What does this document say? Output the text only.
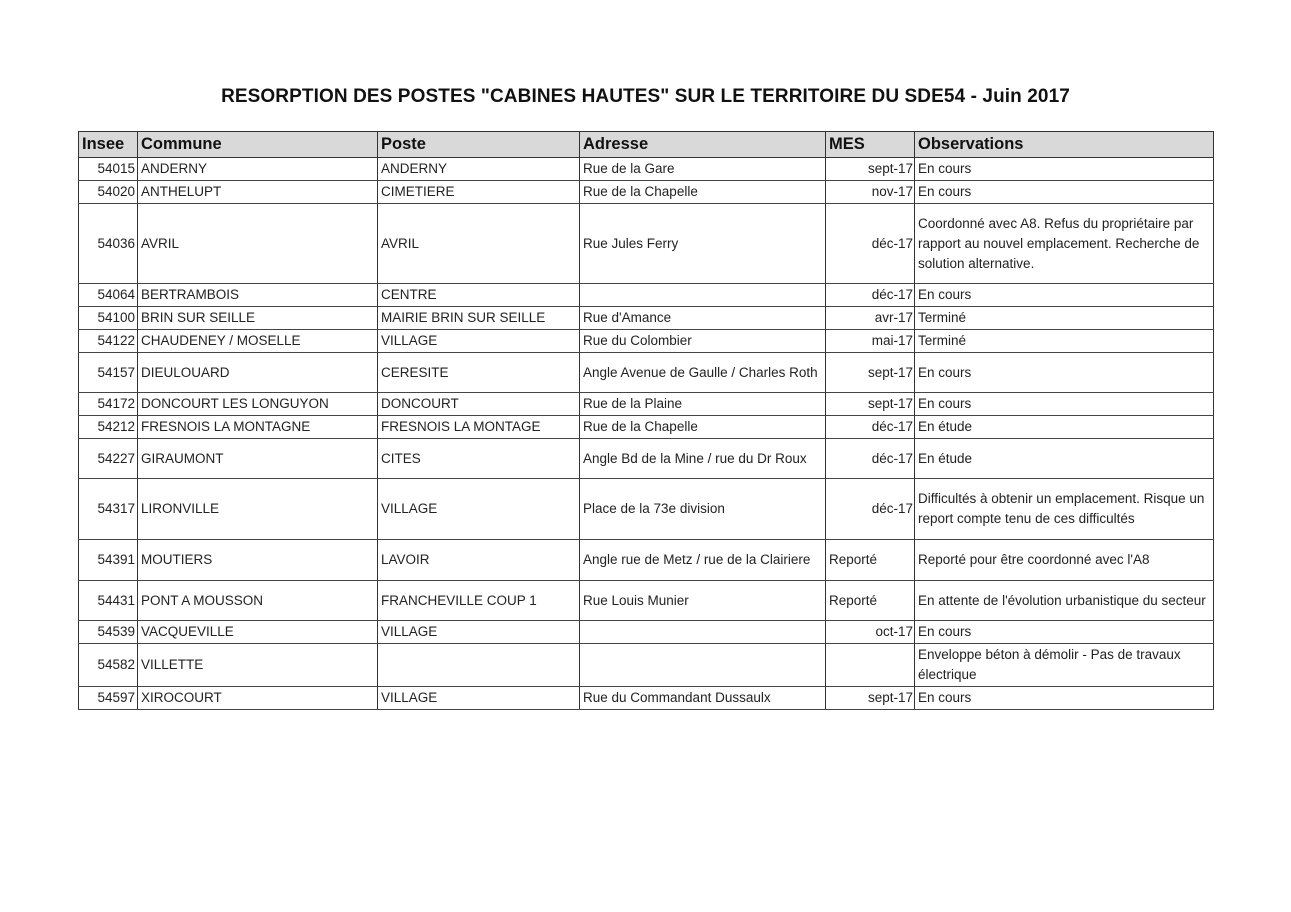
RESORPTION DES POSTES "CABINES HAUTES" SUR LE TERRITOIRE DU SDE54 - Juin 2017
Insee	Commune	Poste	Adresse	MES	Observations
54015	ANDERNY	ANDERNY	Rue de la Gare	sept-17	En cours
54020	ANTHELUPT	CIMETIERE	Rue de la Chapelle	nov-17	En cours
54036	AVRIL	AVRIL	Rue Jules Ferry	déc-17	Coordonné avec A8. Refus du propriétaire par rapport au nouvel emplacement. Recherche de solution alternative.
54064	BERTRAMBOIS	CENTRE		déc-17	En cours
54100	BRIN SUR SEILLE	MAIRIE BRIN SUR SEILLE	Rue d'Amance	avr-17	Terminé
54122	CHAUDENEY / MOSELLE	VILLAGE	Rue du Colombier	mai-17	Terminé
54157	DIEULOUARD	CERESITE	Angle Avenue de Gaulle / Charles Roth	sept-17	En cours
54172	DONCOURT LES LONGUYON	DONCOURT	Rue de la Plaine	sept-17	En cours
54212	FRESNOIS LA MONTAGNE	FRESNOIS LA MONTAGE	Rue de la Chapelle	déc-17	En étude
54227	GIRAUMONT	CITES	Angle Bd de la Mine / rue du Dr Roux	déc-17	En étude
54317	LIRONVILLE	VILLAGE	Place de la 73e division	déc-17	Difficultés à obtenir un emplacement. Risque un report compte tenu de ces difficultés
54391	MOUTIERS	LAVOIR	Angle rue de Metz / rue de la Clairiere	Reporté	Reporté pour être coordonné avec l'A8
54431	PONT A MOUSSON	FRANCHEVILLE COUP 1	Rue Louis Munier	Reporté	En attente de l'évolution urbanistique du secteur
54539	VACQUEVILLE	VILLAGE		oct-17	En cours
54582	VILLETTE				Enveloppe béton à démolir - Pas de travaux électrique
54597	XIROCOURT	VILLAGE	Rue du Commandant Dussaulx	sept-17	En cours
